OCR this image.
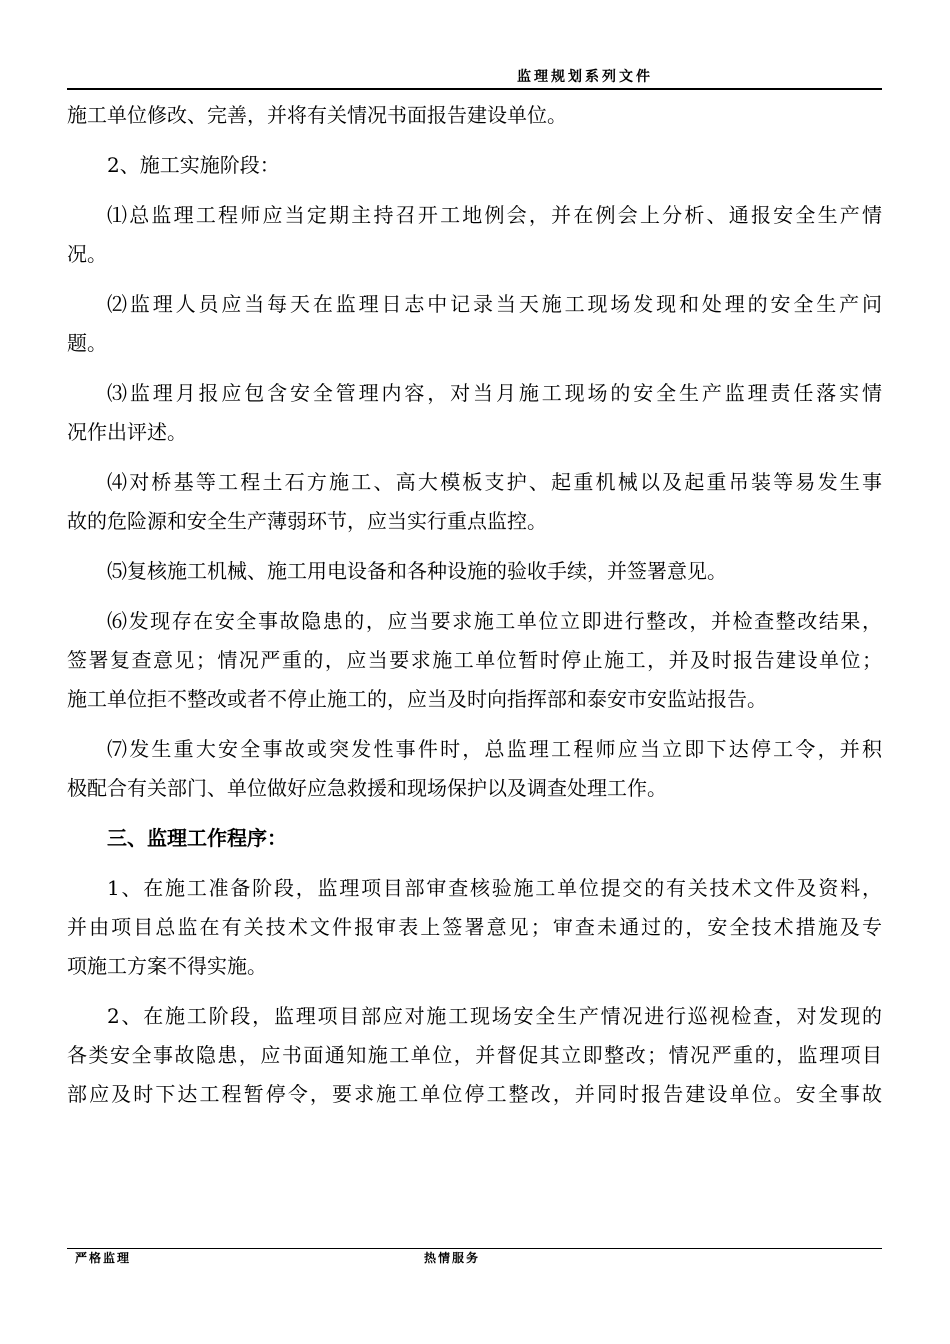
监理规划系列文件
施工单位修改、完善，并将有关情况书面报告建设单位。
2、施工实施阶段：
⑴总监理工程师应当定期主持召开工地例会，并在例会上分析、通报安全生产情
况。
⑵监理人员应当每天在监理日志中记录当天施工现场发现和处理的安全生产问
题。
⑶监理月报应包含安全管理内容，对当月施工现场的安全生产监理责任落实情
况作出评述。
⑷对桥基等工程土石方施工、高大模板支护、起重机械以及起重吊装等易发生事
故的危险源和安全生产薄弱环节，应当实行重点监控。
⑸复核施工机械、施工用电设备和各种设施的验收手续，并签署意见。
⑹发现存在安全事故隐患的，应当要求施工单位立即进行整改，并检查整改结果，
签署复查意见；情况严重的，应当要求施工单位暂时停止施工，并及时报告建设单位；
施工单位拒不整改或者不停止施工的，应当及时向指挥部和泰安市安监站报告。
⑺发生重大安全事故或突发性事件时，总监理工程师应当立即下达停工令，并积
极配合有关部门、单位做好应急救援和现场保护以及调查处理工作。
三、监理工作程序：
1、在施工准备阶段，监理项目部审查核验施工单位提交的有关技术文件及资料，
并由项目总监在有关技术文件报审表上签署意见；审查未通过的，安全技术措施及专
项施工方案不得实施。
2、在施工阶段，监理项目部应对施工现场安全生产情况进行巡视检查，对发现的
各类安全事故隐患，应书面通知施工单位，并督促其立即整改；情况严重的，监理项目
部应及时下达工程暂停令，要求施工单位停工整改，并同时报告建设单位。安全事故
严格监理	热情服务
